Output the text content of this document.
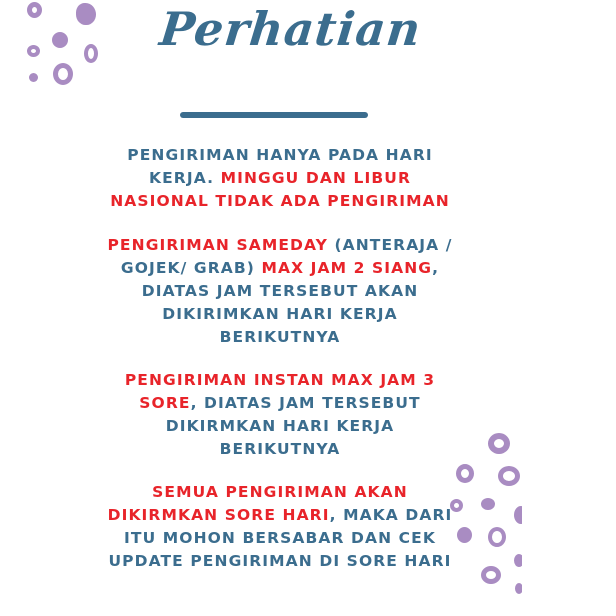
Perhatian
PENGIRIMAN HANYA PADA HARI
KERJA. MINGGU DAN LIBUR
NASIONAL TIDAK ADA PENGIRIMAN
PENGIRIMAN SAMEDAY (ANTERAJA /
GOJEK/ GRAB) MAX JAM 2 SIANG,
DIATAS JAM TERSEBUT AKAN
DIKIRIMKAN HARI KERJA
BERIKUTNYA
PENGIRIMAN INSTAN MAX JAM 3
SORE, DIATAS JAM TERSEBUT
DIKIRMKAN HARI KERJA
BERIKUTNYA
SEMUA PENGIRIMAN AKAN
DIKIRMKAN SORE HARI, MAKA DARI
ITU MOHON BERSABAR DAN CEK
UPDATE PENGIRIMAN DI SORE HARI
